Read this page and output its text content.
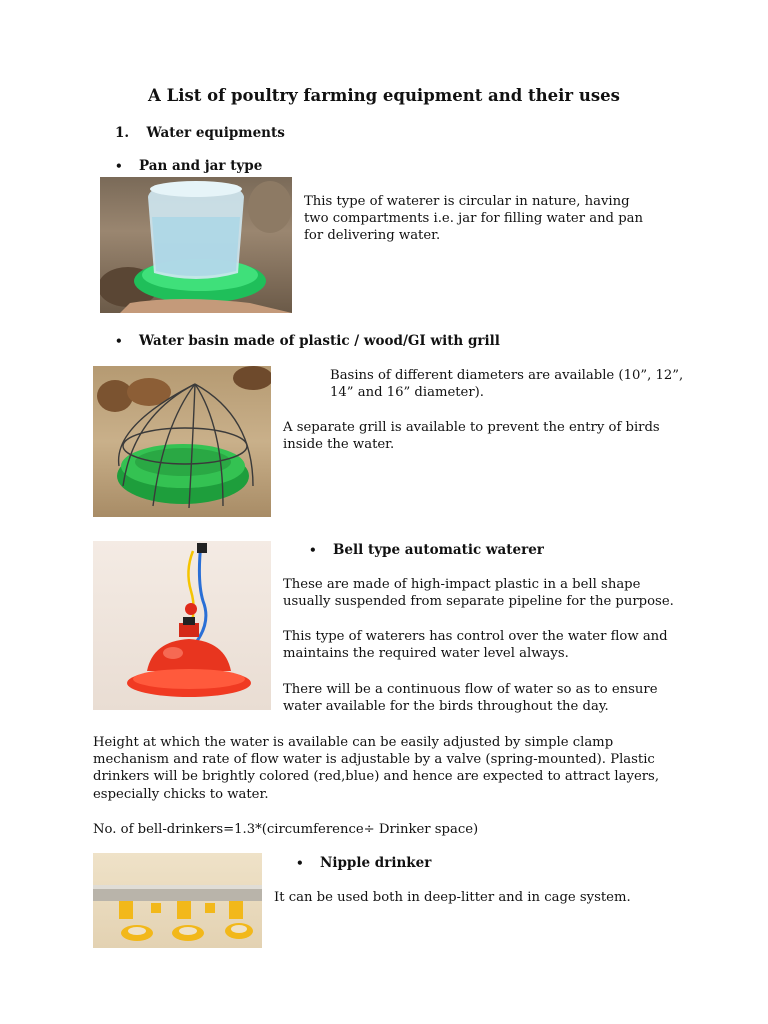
A List of poultry farming equipment and their uses
1. Water equipments
• Pan and jar type
This type of waterer is circular in nature, having two compartments i.e. jar for filling water and pan for delivering water.
• Water basin made of plastic / wood/GI with grill
Basins of different diameters are available (10”, 12”, 14” and 16” diameter).
A separate grill is available to prevent the entry of birds inside the water.
• Bell type automatic waterer
These are made of high-impact plastic in a bell shape usually suspended from separate pipeline for the purpose.
This type of waterers has control over the water flow and maintains the required water level always.
There will be a continuous flow of water so as to ensure water available for the birds throughout the day.
Height at which the water is available can be easily adjusted by simple clamp mechanism and rate of flow water is adjustable by a valve (spring-mounted). Plastic drinkers will be brightly colored (red,blue) and hence are expected to attract layers, especially chicks to water.
No. of bell-drinkers=1.3*(circumference÷ Drinker space)
• Nipple drinker
It can be used both in deep-litter and in cage system.
